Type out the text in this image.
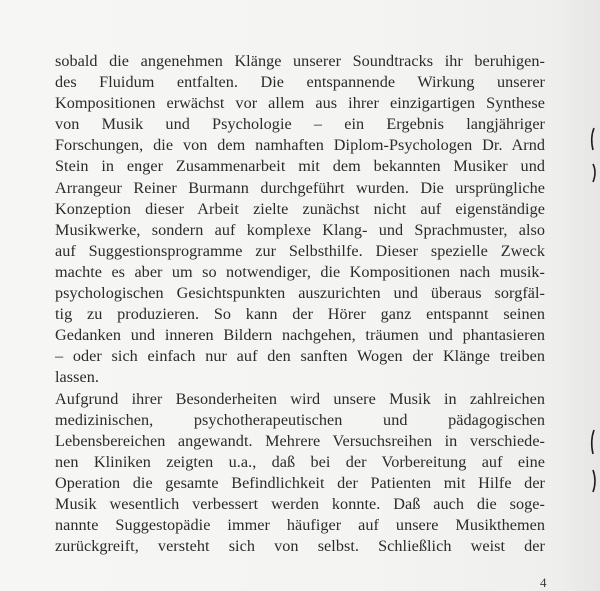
sobald die angenehmen Klänge unserer Soundtracks ihr beruhigen-
des Fluidum entfalten. Die entspannende Wirkung unserer
Kompositionen erwächst vor allem aus ihrer einzigartigen Synthese
von Musik und Psychologie – ein Ergebnis langjähriger
Forschungen, die von dem namhaften Diplom-Psychologen Dr. Arnd
Stein in enger Zusammenarbeit mit dem bekannten Musiker und
Arrangeur Reiner Burmann durchgeführt wurden. Die ursprüngliche
Konzeption dieser Arbeit zielte zunächst nicht auf eigenständige
Musikwerke, sondern auf komplexe Klang- und Sprachmuster, also
auf Suggestionsprogramme zur Selbsthilfe. Dieser spezielle Zweck
machte es aber um so notwendiger, die Kompositionen nach musik-
psychologischen Gesichtspunkten auszurichten und überaus sorgfäl-
tig zu produzieren. So kann der Hörer ganz entspannt seinen
Gedanken und inneren Bildern nachgehen, träumen und phantasieren
– oder sich einfach nur auf den sanften Wogen der Klänge treiben
lassen.
Aufgrund ihrer Besonderheiten wird unsere Musik in zahlreichen
medizinischen, psychotherapeutischen und pädagogischen
Lebensbereichen angewandt. Mehrere Versuchsreihen in verschiede-
nen Kliniken zeigten u.a., daß bei der Vorbereitung auf eine
Operation die gesamte Befindlichkeit der Patienten mit Hilfe der
Musik wesentlich verbessert werden konnte. Daß auch die soge-
nannte Suggestopädie immer häufiger auf unsere Musikthemen
zurückgreift, versteht sich von selbst. Schließlich weist der
4
